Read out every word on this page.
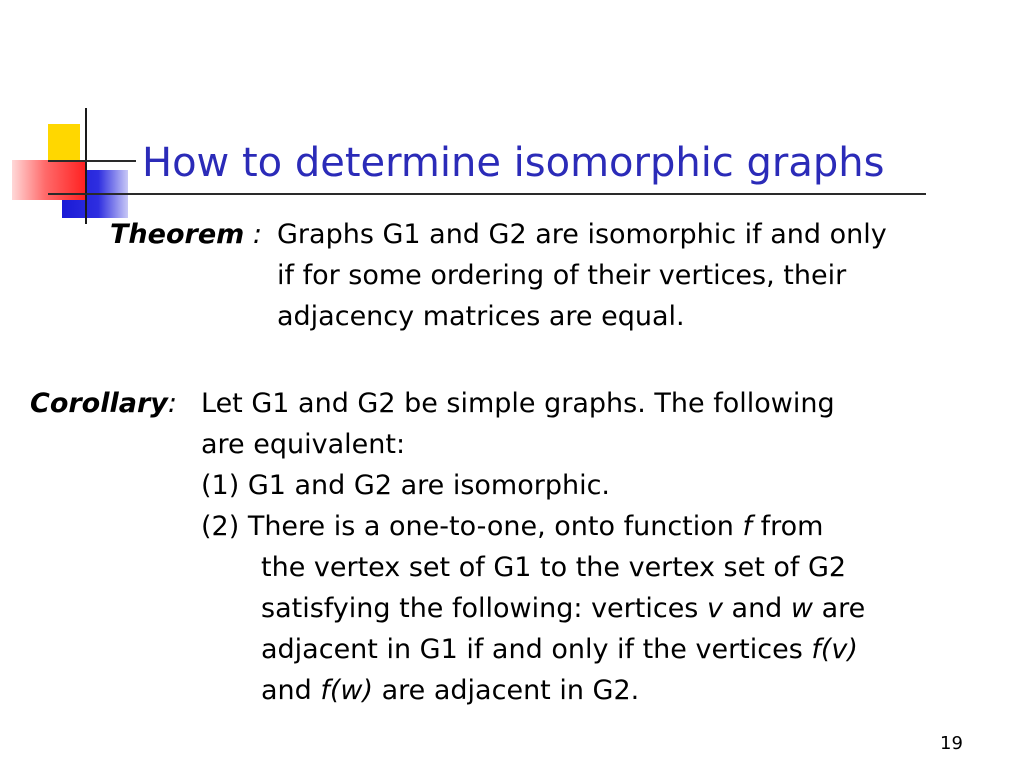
How to determine isomorphic graphs
Theorem : Graphs G1 and G2 are isomorphic if and only
if for some ordering of their vertices, their
adjacency matrices are equal.
Corollary: Let G1 and G2 be simple graphs. The following
are equivalent:
(1) G1 and G2 are isomorphic.
(2) There is a one-to-one, onto function f from
the vertex set of G1 to the vertex set of G2
satisfying the following: vertices v and w are
adjacent in G1 if and only if the vertices f(v)
and f(w) are adjacent in G2.
19
